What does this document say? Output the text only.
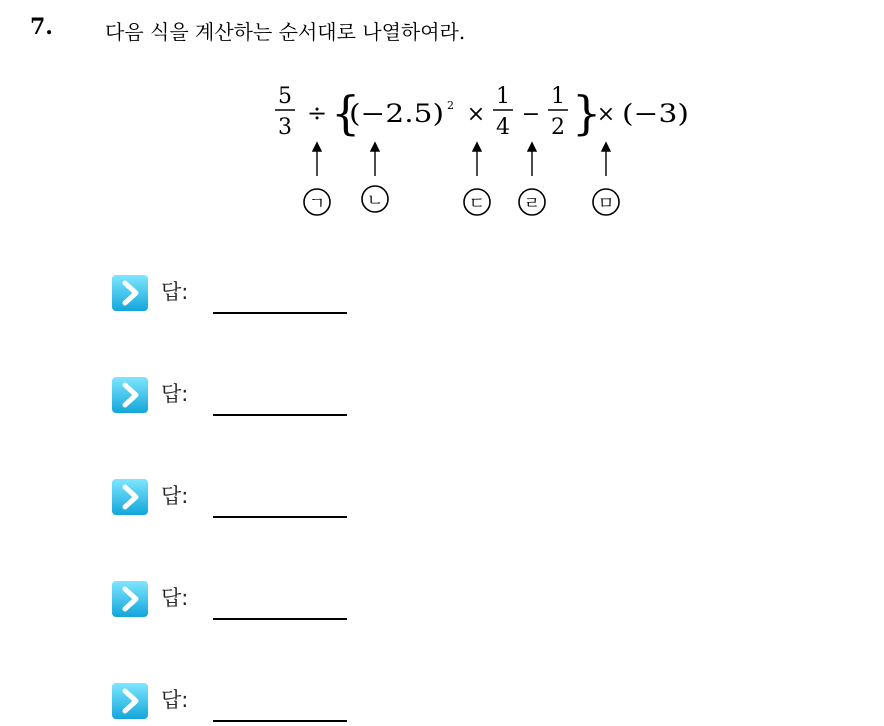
7.	다음 식을 계산하는 순서대로 나열하여라.
5
3
÷ {
(−2.5) 2 ×
1
4
−
1
2 }
× (−3)
ㄱ ㄴ	ㄷ ㄹ	ㅁ
답:
답:
답:
답:
답:
